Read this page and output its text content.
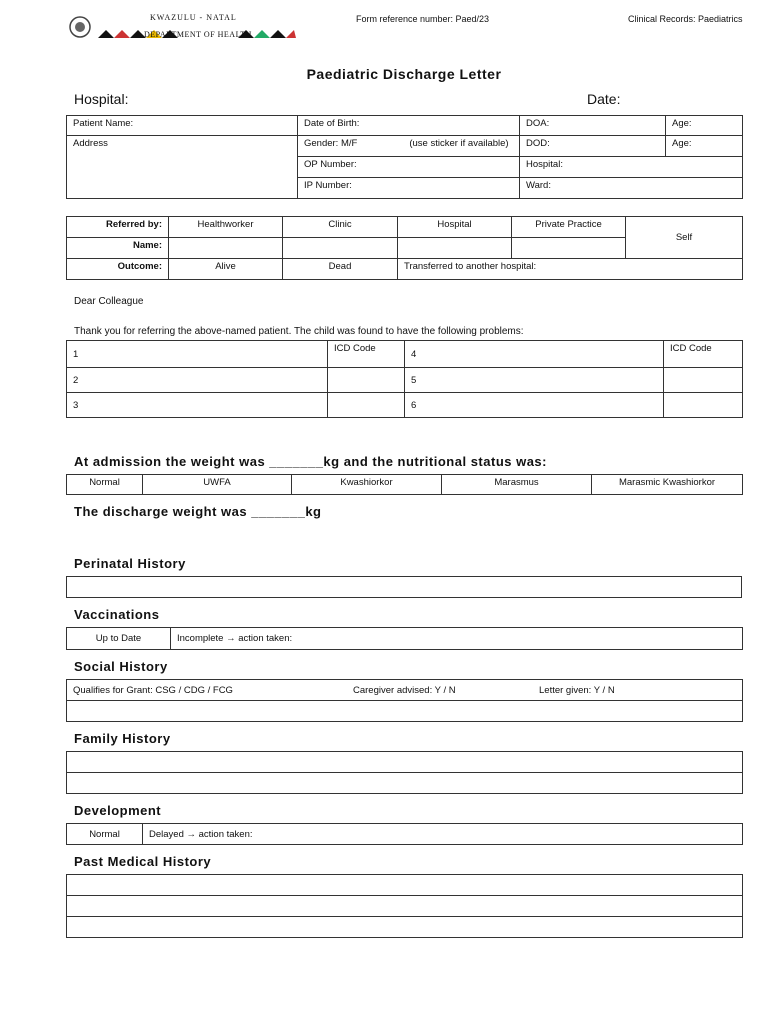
KWAZULU - NATAL
DEPARTMENT OF HEALTH
Form reference number: Paed/23	Clinical Records: Paediatrics
Paediatric Discharge Letter
Hospital:	Date:
Patient Name:	Date of Birth:	DOA:	Age:
Address	Gender: M/F (use sticker if available)	DOD:	Age:
	OP Number:	Hospital:	
	IP Number:	Ward:	
Referred by:	Healthworker	Clinic	Hospital	Private Practice	Self
Name:					
Outcome:	Alive	Dead	Transferred to another hospital:		
Dear Colleague
Thank you for referring the above-named patient. The child was found to have the following problems:
1	ICD Code	4	ICD Code
2		5	
3		6	
At admission the weight was _______kg and the nutritional status was:
Normal	UWFA	Kwashiorkor	Marasmus	Marasmic Kwashiorkor
The discharge weight was _______kg
Perinatal History
Vaccinations
Up to Date	Incomplete → action taken:
Social History
Qualifies for Grant: CSG / CDG / FCG	Caregiver advised: Y / N	Letter given: Y / N

Family History

Development
Normal	Delayed → action taken:
Past Medical History
